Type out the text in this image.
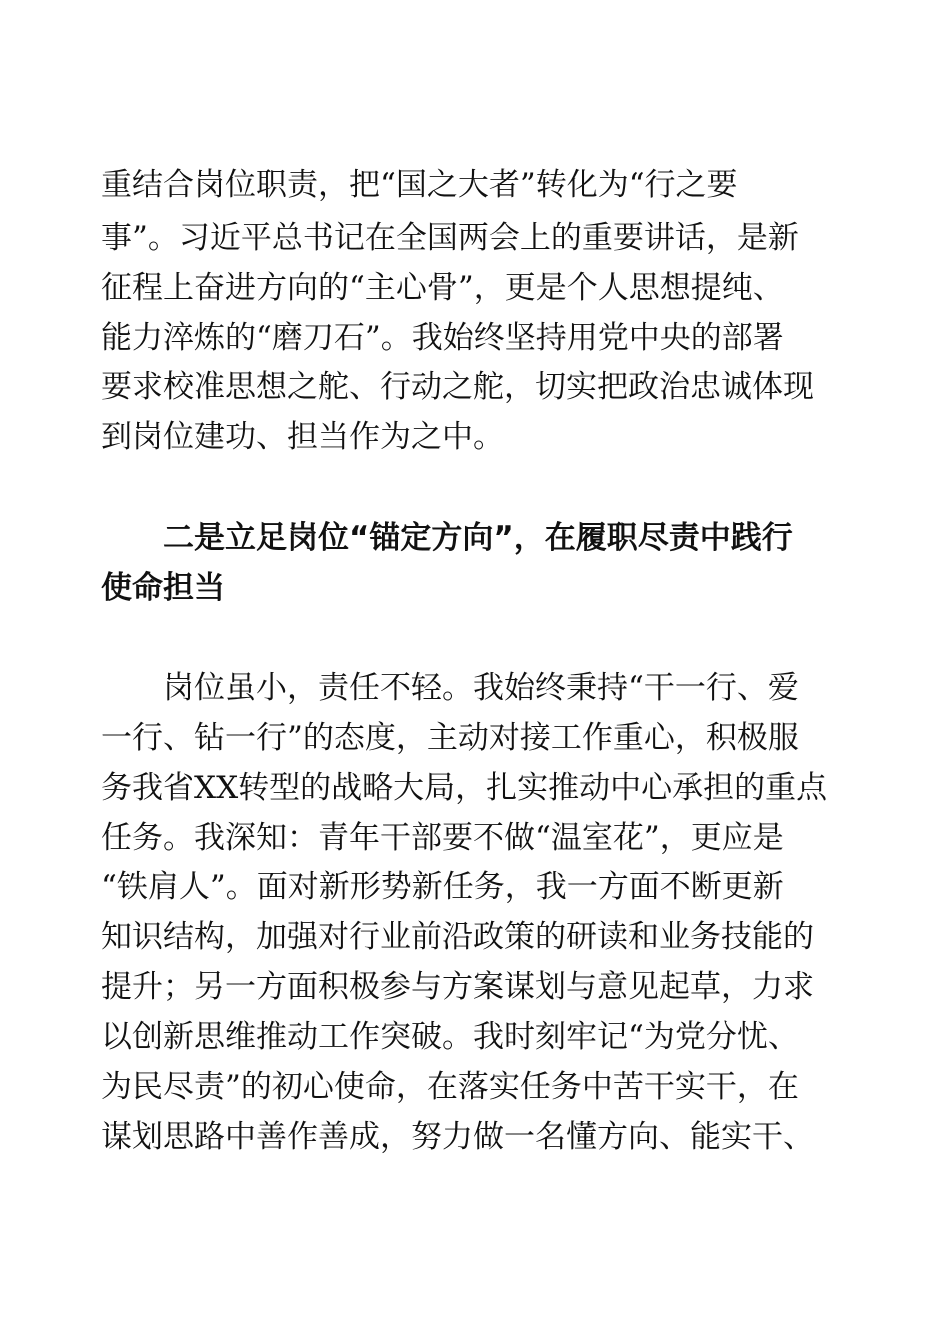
重结合岗位职责，把“国之大者”转化为“行之要
事”。习近平总书记在全国两会上的重要讲话，是新
征程上奋进方向的“主心骨”，更是个人思想提纯、
能力淬炼的“磨刀石”。我始终坚持用党中央的部署
要求校准思想之舵、行动之舵，切实把政治忠诚体现
到岗位建功、担当作为之中。
二是立足岗位“锚定方向”，在履职尽责中践行
使命担当
岗位虽小，责任不轻。我始终秉持“干一行、爱
一行、钻一行”的态度，主动对接工作重心，积极服
务我省XX转型的战略大局，扎实推动中心承担的重点
任务。我深知：青年干部要不做“温室花”，更应是
“铁肩人”。面对新形势新任务，我一方面不断更新
知识结构，加强对行业前沿政策的研读和业务技能的
提升；另一方面积极参与方案谋划与意见起草，力求
以创新思维推动工作突破。我时刻牢记“为党分忧、
为民尽责”的初心使命，在落实任务中苦干实干，在
谋划思路中善作善成，努力做一名懂方向、能实干、
